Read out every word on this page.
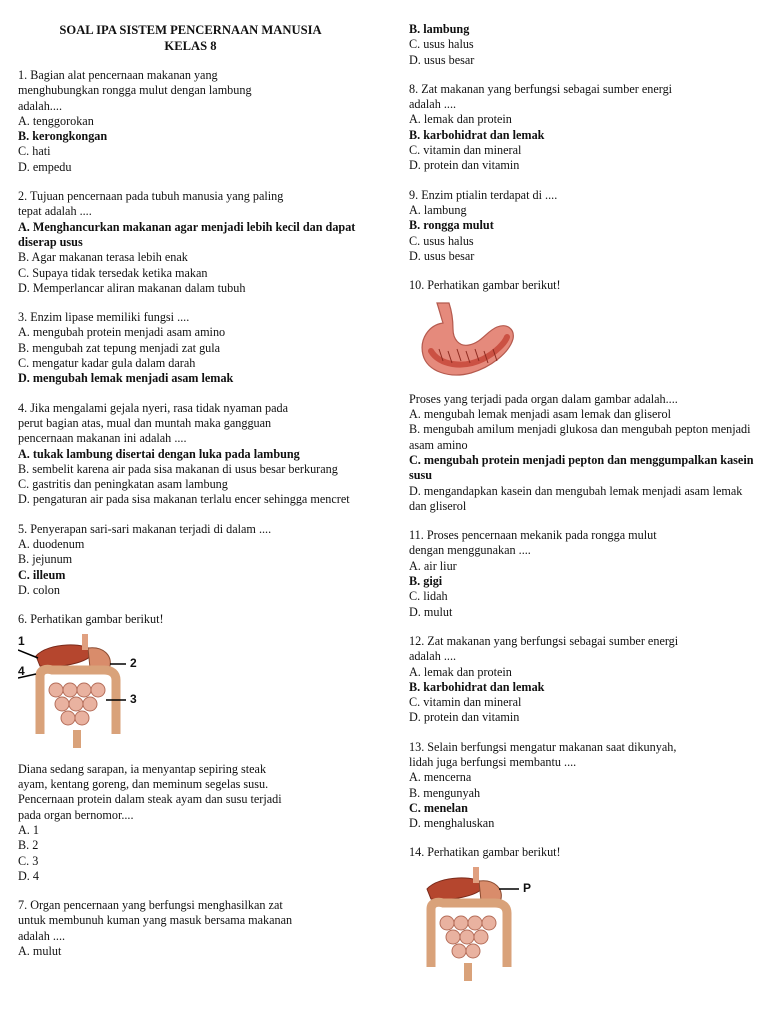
SOAL IPA SISTEM PENCERNAAN MANUSIA
KELAS 8
1. Bagian alat pencernaan makanan yang
menghubungkan rongga mulut dengan lambung
adalah....
A. tenggorokan
B. kerongkongan
C. hati
D. empedu
2. Tujuan pencernaan pada tubuh manusia yang paling
tepat adalah ....
A. Menghancurkan makanan agar menjadi lebih kecil dan dapat diserap usus
B. Agar makanan terasa lebih enak
C. Supaya tidak tersedak ketika makan
D. Memperlancar aliran makanan dalam tubuh
3. Enzim lipase memiliki fungsi ....
A. mengubah protein menjadi asam amino
B. mengubah zat tepung menjadi zat gula
C. mengatur kadar gula dalam darah
D. mengubah lemak menjadi asam lemak
4. Jika mengalami gejala nyeri, rasa tidak nyaman pada
perut bagian atas, mual dan muntah maka gangguan
pencernaan makanan ini adalah ....
A. tukak lambung disertai dengan luka pada lambung
B. sembelit karena air pada sisa makanan di usus besar berkurang
C. gastritis dan peningkatan asam lambung
D. pengaturan air pada sisa makanan terlalu encer sehingga mencret
5. Penyerapan sari-sari makanan terjadi di dalam ....
A. duodenum
B. jejunum
C. illeum
D. colon
6. Perhatikan gambar berikut!
1
2
3
4
Diana sedang sarapan, ia menyantap sepiring steak
ayam, kentang goreng, dan meminum segelas susu.
Pencernaan protein dalam steak ayam dan susu terjadi
pada organ bernomor....
A. 1
B. 2
C. 3
D. 4
7. Organ pencernaan yang berfungsi menghasilkan zat
untuk membunuh kuman yang masuk bersama makanan
adalah ....
A. mulut
B. lambung
C. usus halus
D. usus besar
8. Zat makanan yang berfungsi sebagai sumber energi
adalah ....
A. lemak dan protein
B. karbohidrat dan lemak
C. vitamin dan mineral
D. protein dan vitamin
9. Enzim ptialin terdapat di ....
A. lambung
B. rongga mulut
C. usus halus
D. usus besar
10. Perhatikan gambar berikut!
Proses yang terjadi pada organ dalam gambar adalah....
A. mengubah lemak menjadi asam lemak dan gliserol
B. mengubah amilum menjadi glukosa dan mengubah pepton menjadi asam amino
C. mengubah protein menjadi pepton dan menggumpalkan kasein susu
D. mengandapkan kasein dan mengubah lemak menjadi asam lemak dan gliserol
11. Proses pencernaan mekanik pada rongga mulut
dengan menggunakan ....
A. air liur
B. gigi
C. lidah
D. mulut
12. Zat makanan yang berfungsi sebagai sumber energi
adalah ....
A. lemak dan protein
B. karbohidrat dan lemak
C. vitamin dan mineral
D. protein dan vitamin
13. Selain berfungsi mengatur makanan saat dikunyah,
lidah juga berfungsi membantu ....
A. mencerna
B. mengunyah
C. menelan
D. menghaluskan
14. Perhatikan gambar berikut!
P
